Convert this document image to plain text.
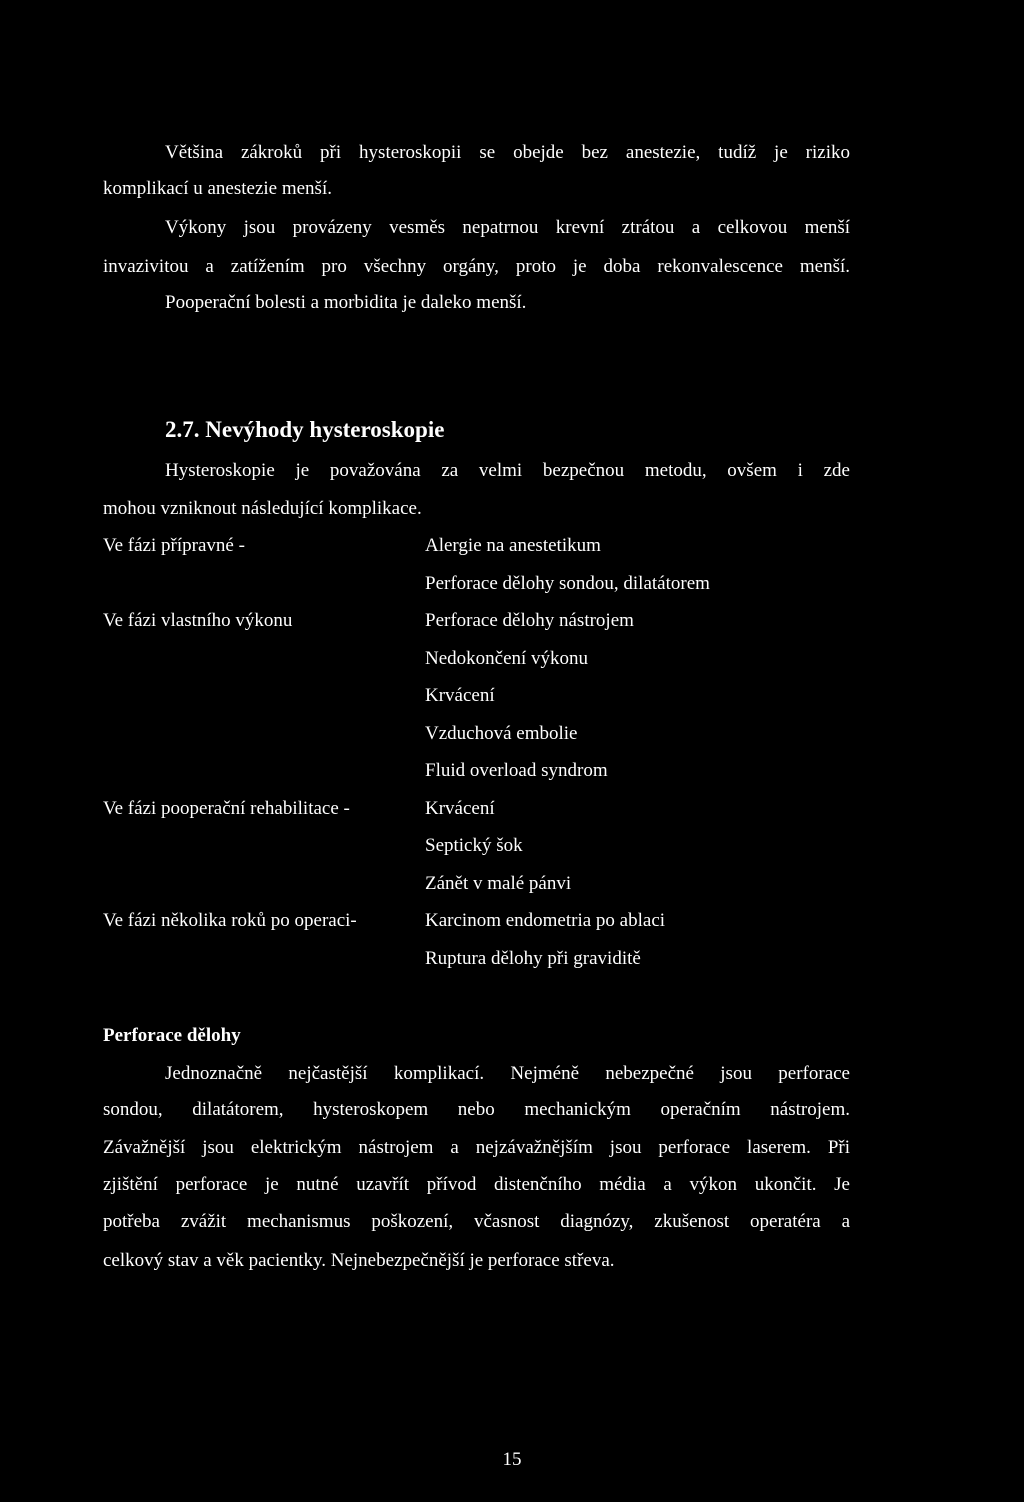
Většina zákroků při hysteroskopii se obejde bez anestezie, tudíž je riziko

komplikací u anestezie menší.

Výkony jsou provázeny vesměs nepatrnou krevní ztrátou a celkovou menší

invazivitou a zatížením pro všechny orgány, proto je doba rekonvalescence menší.

Pooperační bolesti a morbidita je daleko menší.

2.7. Nevýhody hysteroskopie

Hysteroskopie je považována za velmi bezpečnou metodu, ovšem i zde

mohou vzniknout následující komplikace.

Ve fázi přípravné -
Ve fázi vlastního výkonu
Ve fázi pooperační rehabilitace -
Ve fázi několika roků po operaci-
Alergie na anestetikum
Perforace dělohy sondou, dilatátorem
Perforace dělohy nástrojem
Nedokončení výkonu
Krvácení
Vzduchová embolie
Fluid overload syndrom
Krvácení
Septický šok
Zánět v malé pánvi
Karcinom endometria po ablaci
Ruptura dělohy při graviditě
Perforace dělohy

Jednoznačně nejčastější komplikací. Nejméně nebezpečné jsou perforace

sondou, dilatátorem, hysteroskopem nebo mechanickým operačním nástrojem.

Závažnější jsou elektrickým nástrojem a nejzávažnějším jsou perforace laserem. Při

zjištění perforace je nutné uzavřít přívod distenčního média a výkon ukončit. Je

potřeba zvážit mechanismus poškození, včasnost diagnózy, zkušenost operatéra a

celkový stav a věk pacientky. Nejnebezpečnější je perforace střeva.

15
